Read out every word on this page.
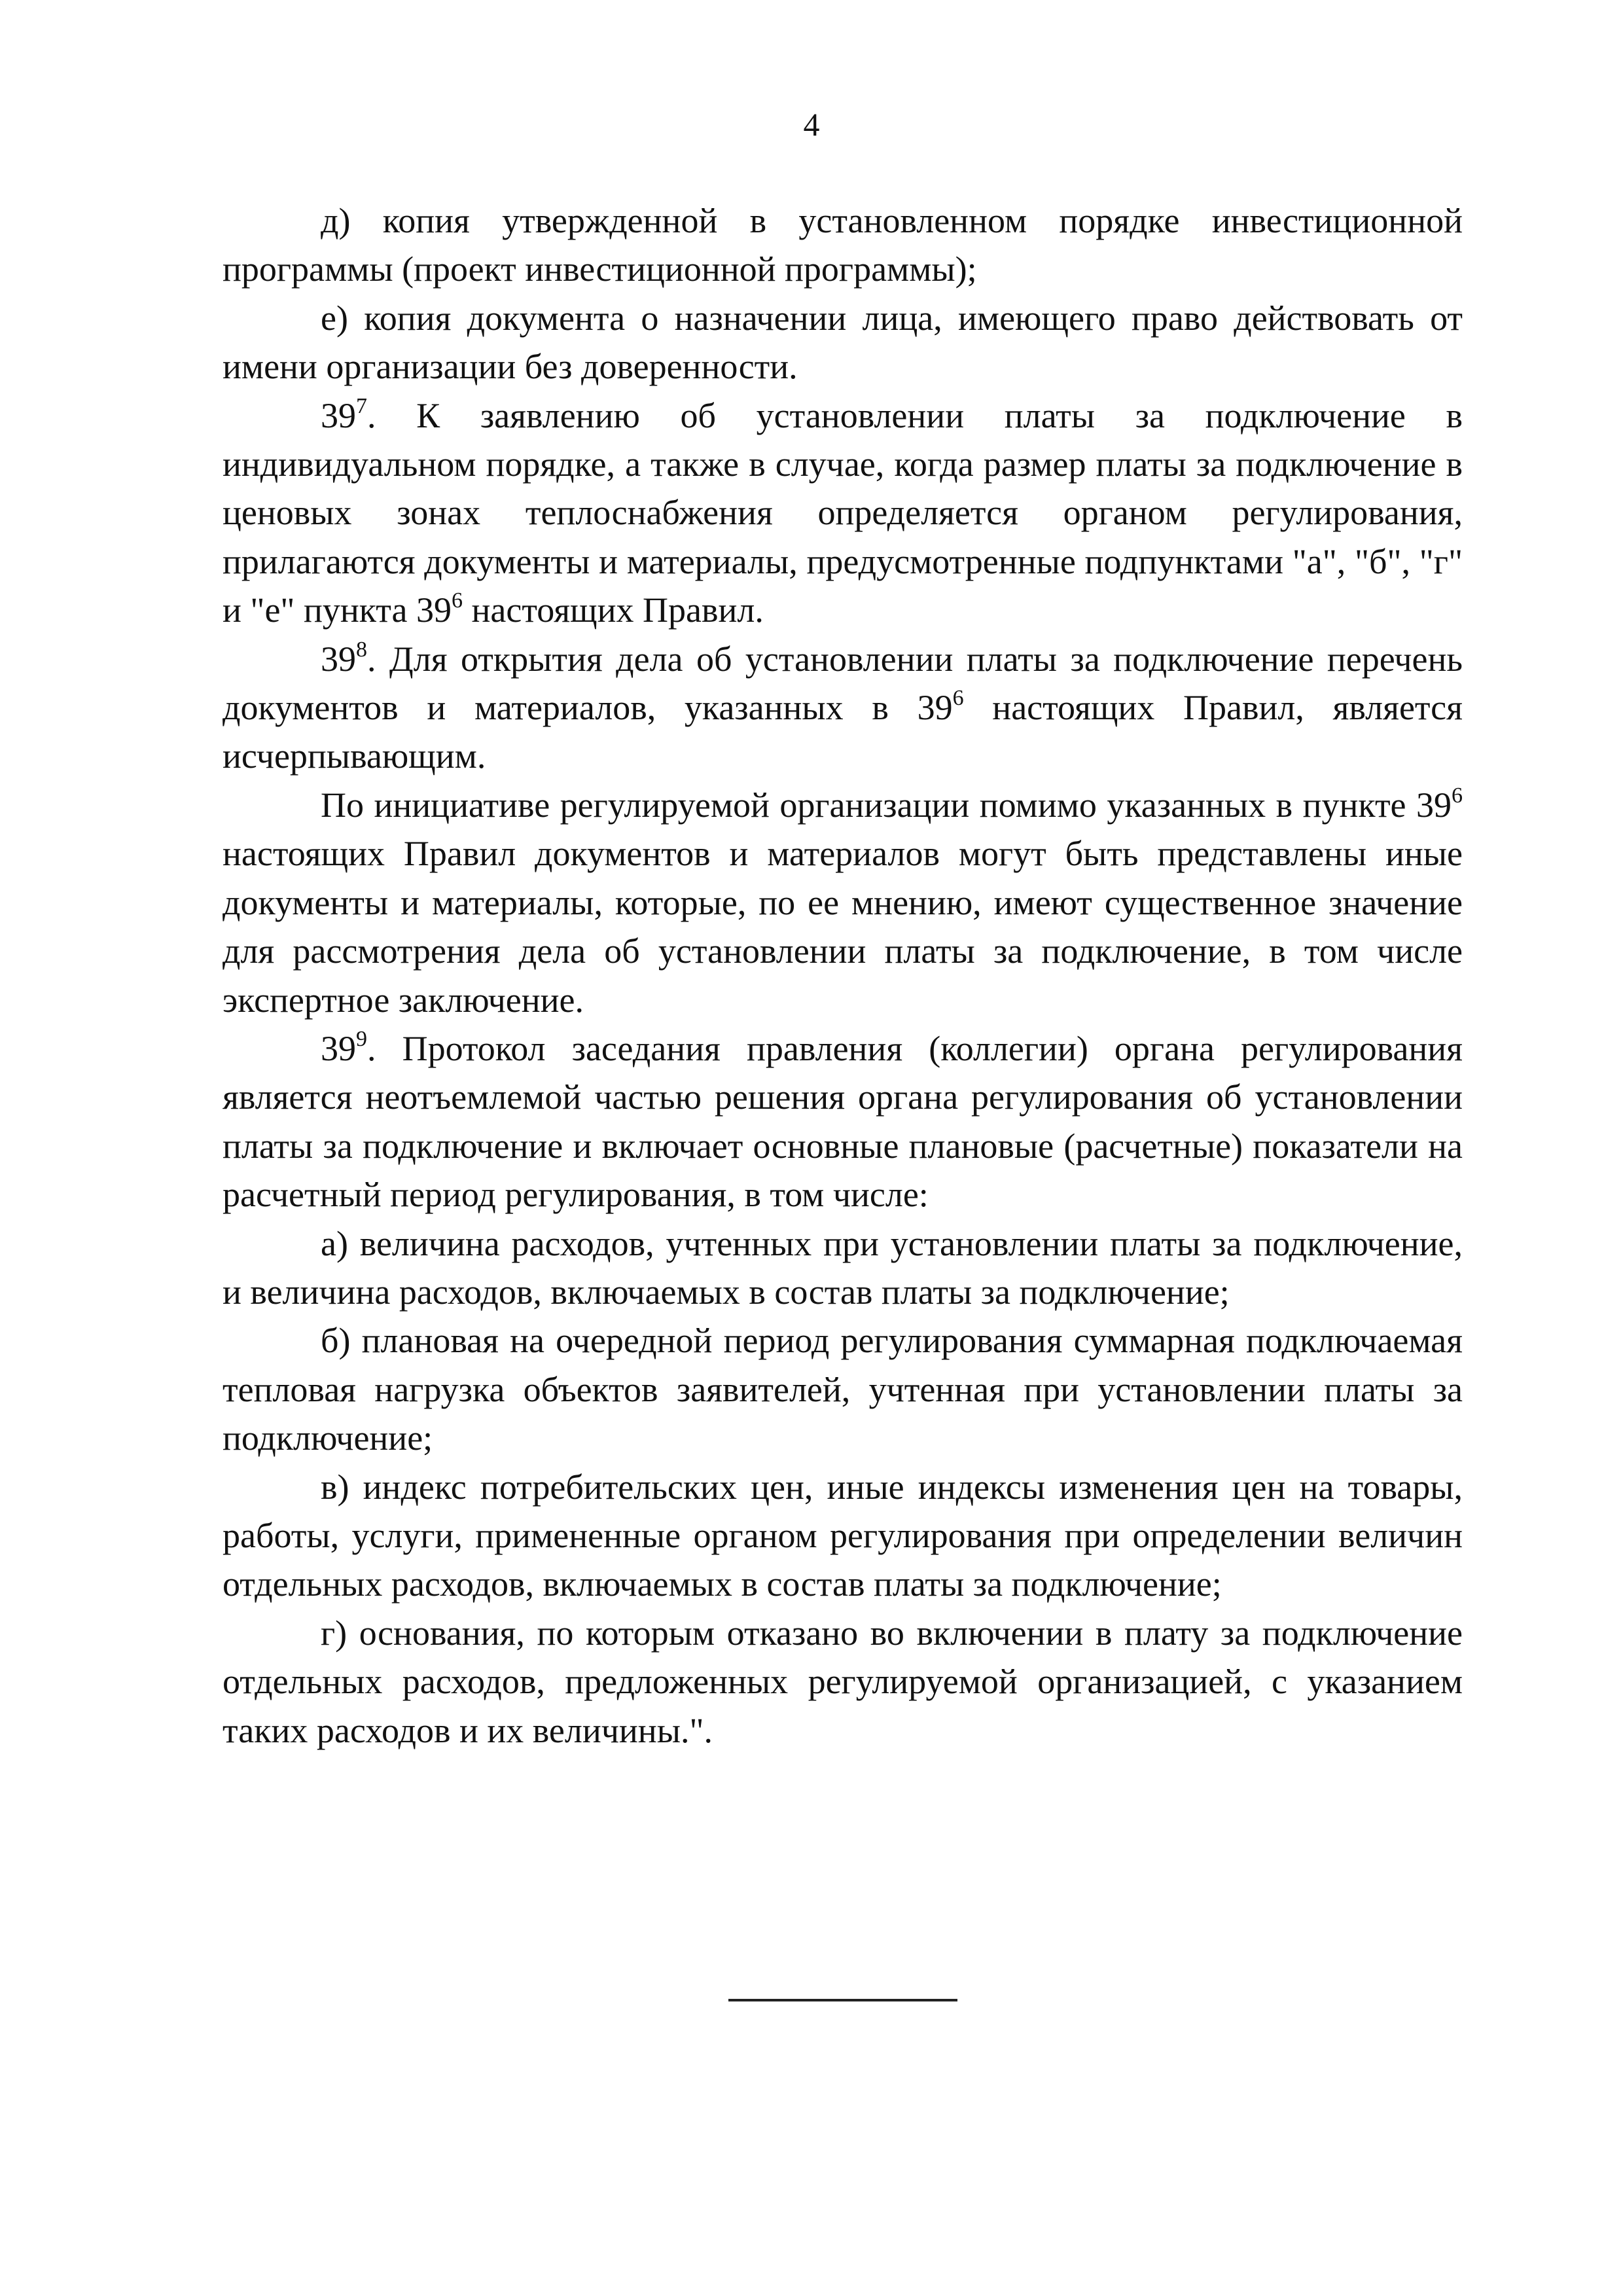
4

д) копия утвержденной в установленном порядке инвестиционной программы (проект инвестиционной программы);

е) копия документа о назначении лица, имеющего право действовать от имени организации без доверенности.

$39^7$. К заявлению об установлении платы за подключение в индивидуальном порядке, а также в случае, когда размер платы за подключение в ценовых зонах теплоснабжения определяется органом регулирования, прилагаются документы и материалы, предусмотренные подпунктами "а", "б", "г" и "е" пункта $39^6$ настоящих Правил.

$39^8$. Для открытия дела об установлении платы за подключение перечень документов и материалов, указанных в $39^6$ настоящих Правил, является исчерпывающим.

По инициативе регулируемой организации помимо указанных в пункте $39^6$ настоящих Правил документов и материалов могут быть представлены иные документы и материалы, которые, по ее мнению, имеют существенное значение для рассмотрения дела об установлении платы за подключение, в том числе экспертное заключение.

$39^9$. Протокол заседания правления (коллегии) органа регулирования является неотъемлемой частью решения органа регулирования об установлении платы за подключение и включает основные плановые (расчетные) показатели на расчетный период регулирования, в том числе:

а) величина расходов, учтенных при установлении платы за подключение, и величина расходов, включаемых в состав платы за подключение;

б) плановая на очередной период регулирования суммарная подключаемая тепловая нагрузка объектов заявителей, учтенная при установлении платы за подключение;

в) индекс потребительских цен, иные индексы изменения цен на товары, работы, услуги, примененные органом регулирования при определении величин отдельных расходов, включаемых в состав платы за подключение;

г) основания, по которым отказано во включении в плату за подключение отдельных расходов, предложенных регулируемой организацией, с указанием таких расходов и их величины.".
